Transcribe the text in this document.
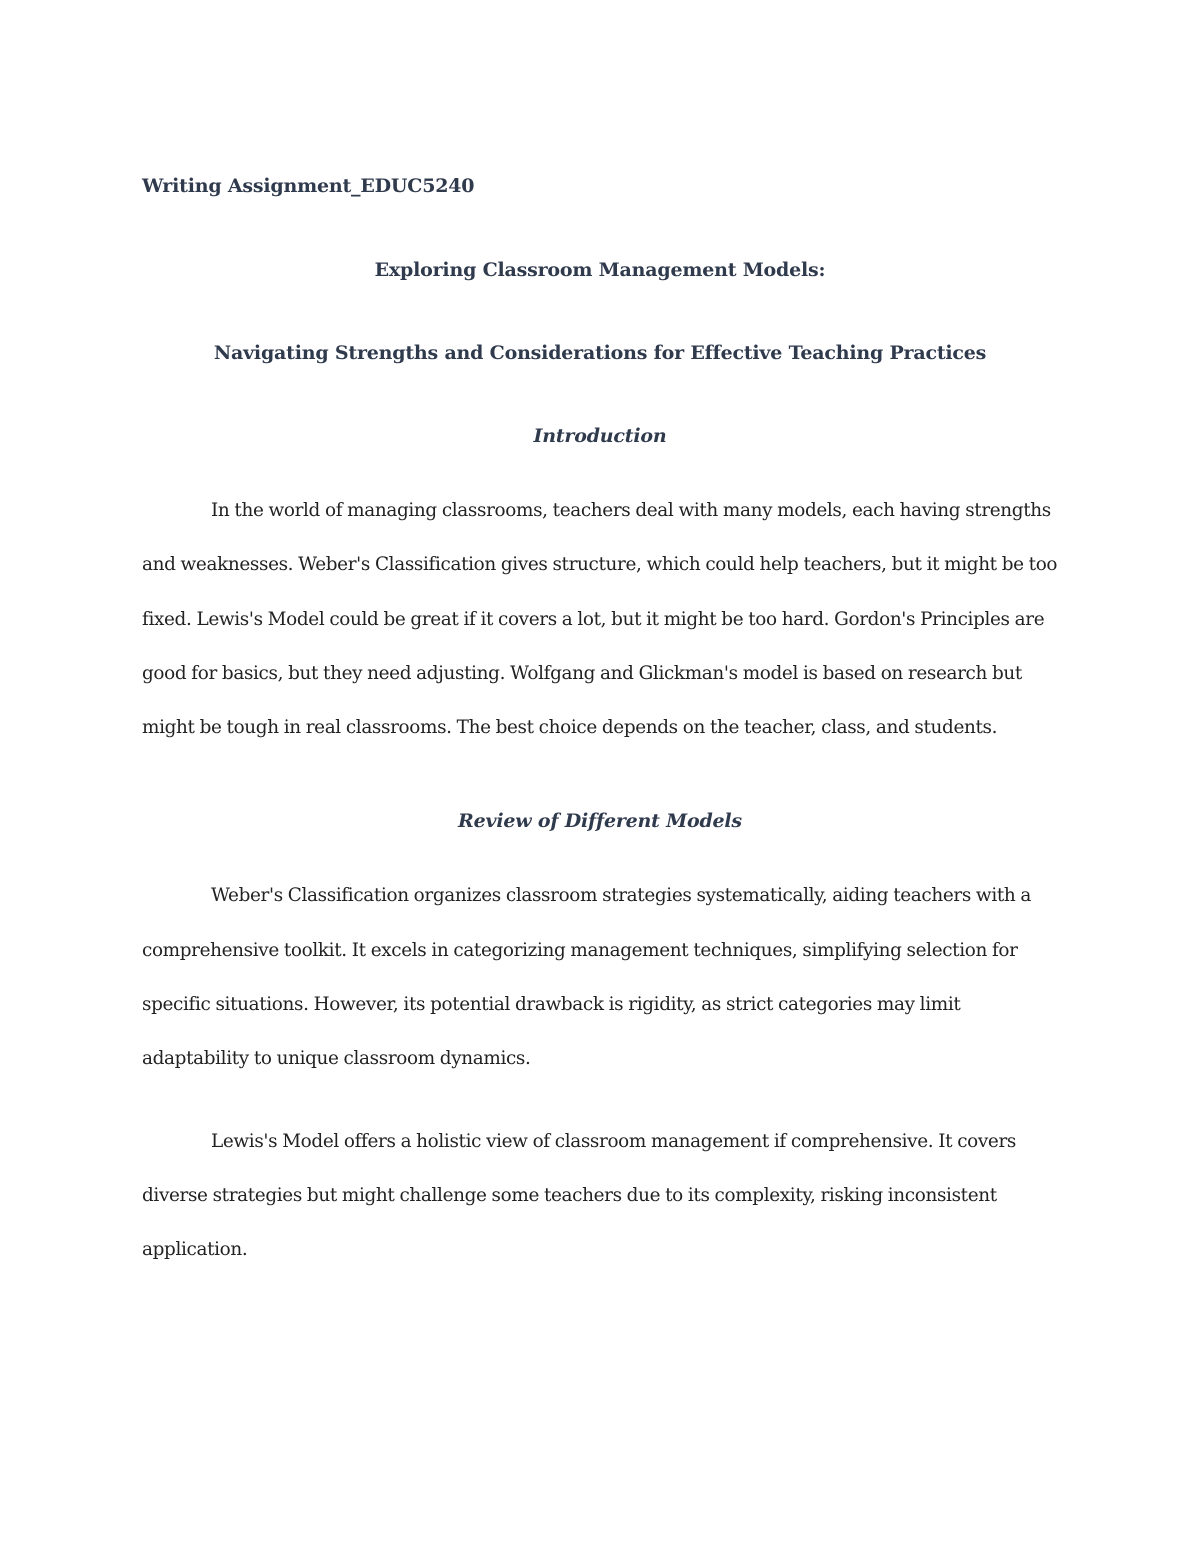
Writing Assignment_EDUC5240

Exploring Classroom Management Models:
Navigating Strengths and Considerations for Effective Teaching Practices
Introduction

In the world of managing classrooms, teachers deal with many models, each having strengths and weaknesses. Weber's Classification gives structure, which could help teachers, but it might be too fixed. Lewis's Model could be great if it covers a lot, but it might be too hard. Gordon's Principles are good for basics, but they need adjusting. Wolfgang and Glickman's model is based on research but might be tough in real classrooms. The best choice depends on the teacher, class, and students.

Review of Different Models

Weber's Classification organizes classroom strategies systematically, aiding teachers with a comprehensive toolkit. It excels in categorizing management techniques, simplifying selection for specific situations. However, its potential drawback is rigidity, as strict categories may limit adaptability to unique classroom dynamics.

Lewis's Model offers a holistic view of classroom management if comprehensive. It covers diverse strategies but might challenge some teachers due to its complexity, risking inconsistent application.
